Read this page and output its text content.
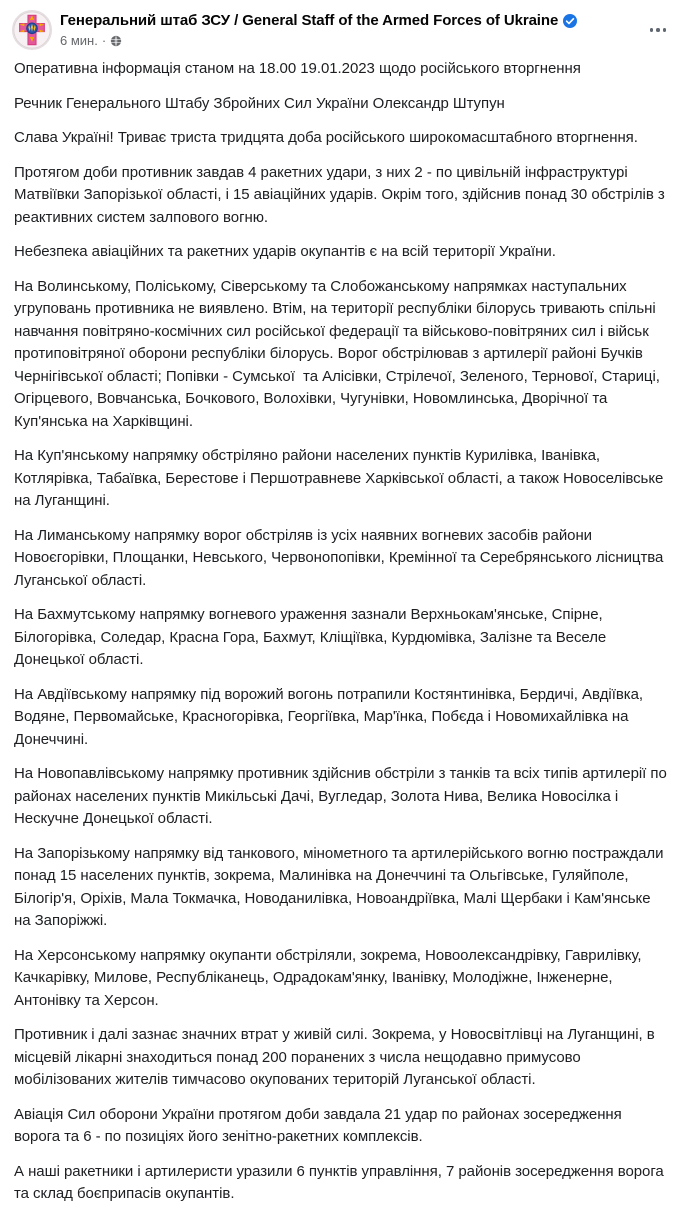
Генеральний штаб ЗСУ / General Staff of the Armed Forces of Ukraine
6 мин. ·

Оперативна інформація станом на 18.00 19.01.2023 щодо російського вторгнення

Речник Генерального Штабу Збройних Сил України Олександр Штупун

Слава Україні! Триває триста тридцята доба російського широкомасштабного вторгнення.

Протягом доби противник завдав 4 ракетних удари, з них 2 - по цивільній інфраструктурі Матвіївки Запорізької області, і 15 авіаційних ударів. Окрім того, здійснив понад 30 обстрілів з реактивних систем залпового вогню.

Небезпека авіаційних та ракетних ударів окупантів є на всій території України.

На Волинському, Поліському, Сіверському та Слобожанському напрямках наступальних угруповань противника не виявлено. Втім, на території республіки білорусь тривають спільні навчання повітряно-космічних сил російської федерації та військово-повітряних сил і військ протиповітряної оборони республіки білорусь. Ворог обстрілював з артилерії районі Бучків Чернігівської області; Попівки - Сумської  та Алісівки, Стрілечої, Зеленого, Тернової, Стариці, Огірцевого, Вовчанська, Бочкового, Волохівки, Чугунівки, Новомлинська, Дворічної та Куп'янська на Харківщині.

На Куп'янському напрямку обстріляно райони населених пунктів Курилівка, Іванівка, Котлярівка, Табаївка, Берестове і Першотравневе Харківської області, а також Новоселівське на Луганщині.

На Лиманському напрямку ворог обстріляв із усіх наявних вогневих засобів райони Новоєгорівки, Площанки, Невського, Червонопопівки, Кремінної та Серебрянського лісництва Луганської області.

На Бахмутському напрямку вогневого ураження зазнали Верхньокам'янське, Спірне, Білогорівка, Соледар, Красна Гора, Бахмут, Кліщіївка, Курдюмівка, Залізне та Веселе Донецької області.

На Авдіївському напрямку під ворожий вогонь потрапили Костянтинівка, Бердичі, Авдіївка, Водяне, Первомайське, Красногорівка, Георгіївка, Мар'їнка, Побєда і Новомихайлівка на Донеччині.

На Новопавлівському напрямку противник здійснив обстріли з танків та всіх типів артилерії по районах населених пунктів Микільські Дачі, Вугледар, Золота Нива, Велика Новосілка і Нескучне Донецької області.

На Запорізькому напрямку від танкового, мінометного та артилерійського вогню постраждали понад 15 населених пунктів, зокрема, Малинівка на Донеччині та Ольгівське, Гуляйполе, Білогір'я, Оріхів, Мала Токмачка, Новоданилівка, Новоандріївка, Малі Щербаки і Кам'янське на Запоріжжі.

На Херсонському напрямку окупанти обстріляли, зокрема, Новоолександрівку, Гаврилівку, Качкарівку, Милове, Республіканець, Одрадокам'янку, Іванівку, Молодіжне, Інженерне, Антонівку та Херсон.

Противник і далі зазнає значних втрат у живій силі. Зокрема, у Новосвітлівці на Луганщині, в місцевій лікарні знаходиться понад 200 поранених з числа нещодавно примусово мобілізованих жителів тимчасово окупованих територій Луганської області.

Авіація Сил оборони України протягом доби завдала 21 удар по районах зосередження ворога та 6 - по позиціях його зенітно-ракетних комплексів.

А наші ракетники і артилеристи уразили 6 пунктів управління, 7 районів зосередження ворога та склад боєприпасів окупантів.
